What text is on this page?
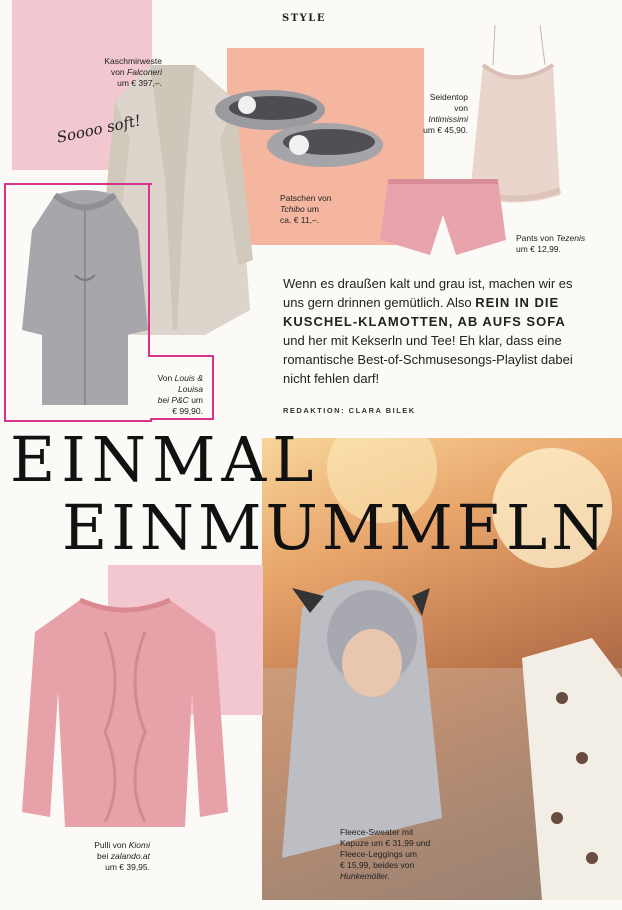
STYLE
Kaschmirweste
von Falconeri
um € 397,–.
Soooo soft!
Patschen von
Tchibo um
ca. € 11,–.
Seidentop von
Intimissimi
um € 45,90.
Pants von Tezenis
um € 12,99.
Von Louis & Louisa
bei P&C um
€ 99,90.
Wenn es draußen kalt und grau ist, machen wir es uns gern drinnen gemütlich. Also REIN IN DIE KUSCHEL-KLAMOTTEN, AB AUFS SOFA und her mit Kekserln und Tee! Eh klar, dass eine romantische Best-of-Schmusesongs-Playlist dabei nicht fehlen darf!
REDAKTION: CLARA BILEK
Fleece-Sweater mit
Kapuze um € 31,99 und
Fleece-Leggings um
€ 15,99, beides von
Hunkemöller.
EINMAL
EINMUMMELN
Pulli von Kiomi
bei zalando.at
um € 39,95.
